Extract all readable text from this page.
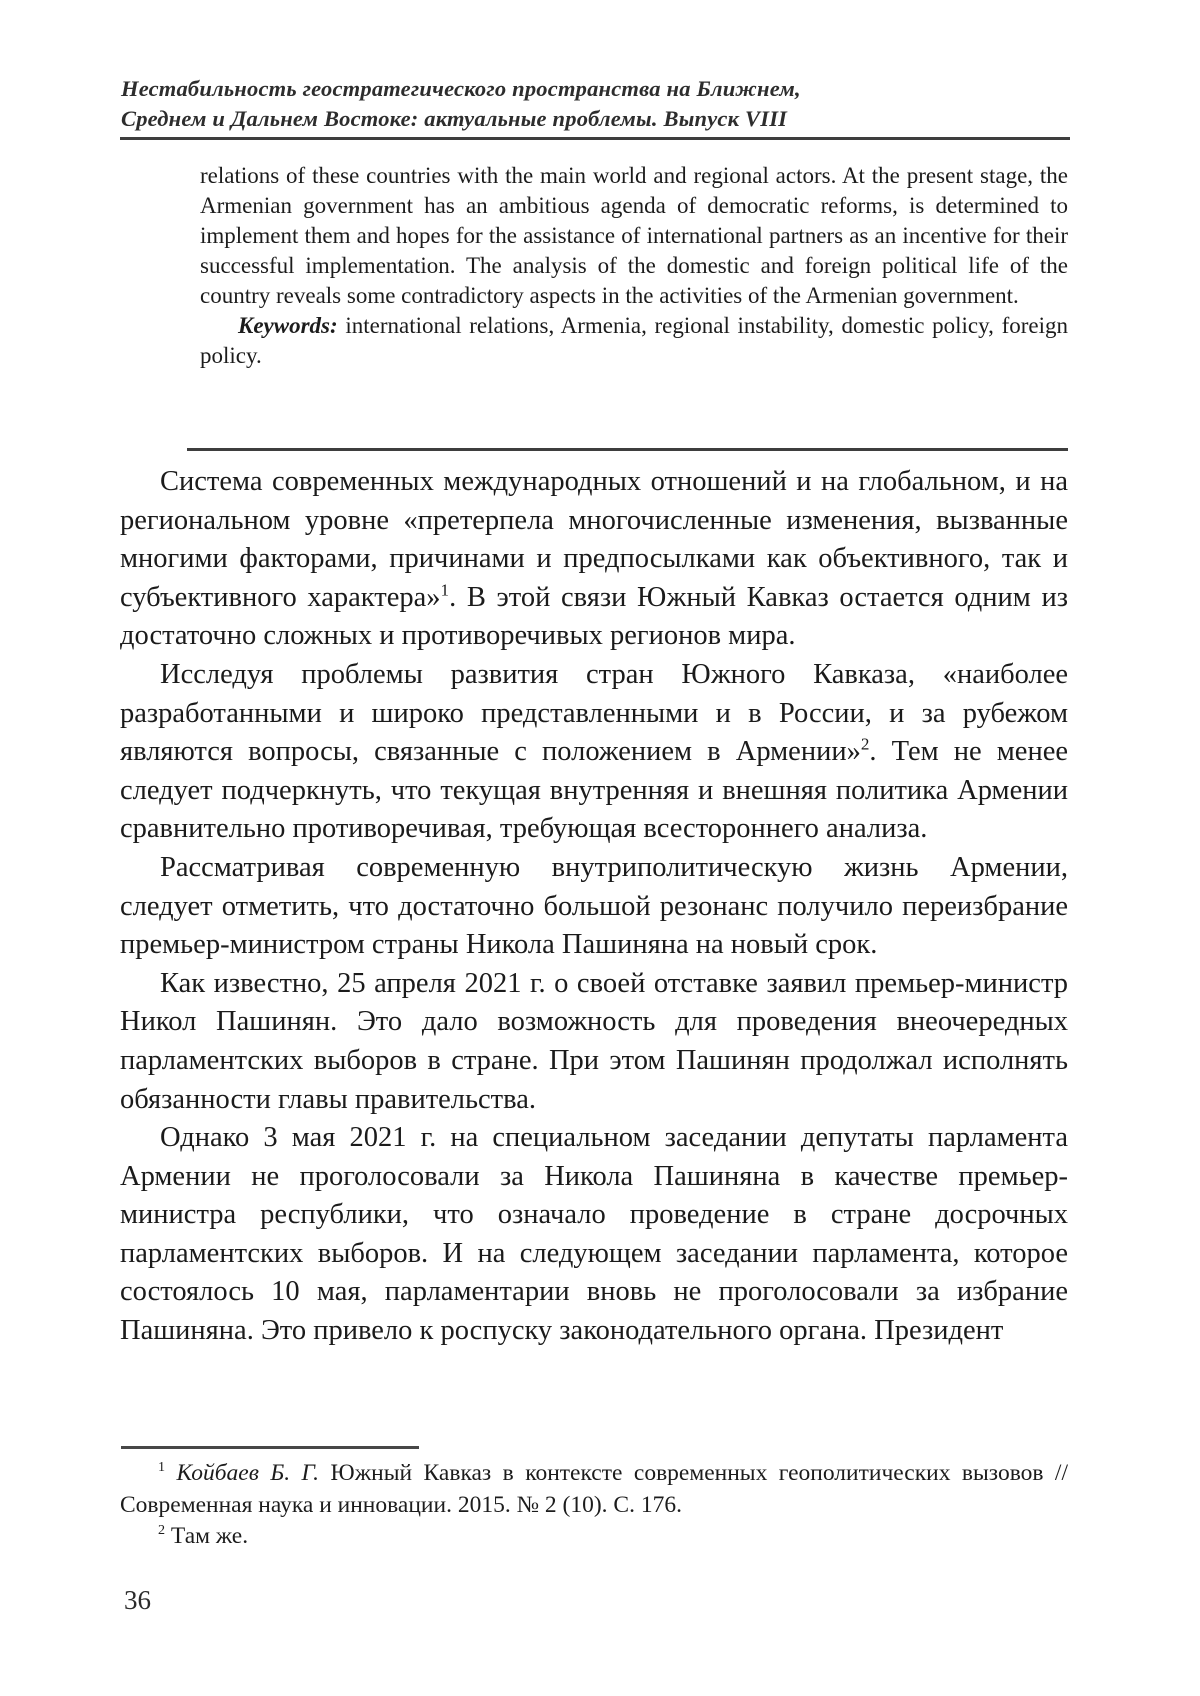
Нестабильность геостратегического пространства на Ближнем,
Среднем и Дальнем Востоке: актуальные проблемы. Выпуск VIII

relations of these countries with the main world and regional actors. At the present stage, the Armenian government has an ambitious agenda of democratic reforms, is determined to implement them and hopes for the assistance of international partners as an incentive for their successful implementation. The analysis of the domestic and foreign political life of the country reveals some contradictory aspects in the activities of the Armenian government.

Keywords: international relations, Armenia, regional instability, domestic policy, foreign policy.

Система современных международных отношений и на глобальном, и на региональном уровне «претерпела многочисленные изменения, вызванные многими факторами, причинами и предпосылками как объективного, так и субъективного характера»$^1$. В этой связи Южный Кавказ остается одним из достаточно сложных и противоречивых регионов мира.

Исследуя проблемы развития стран Южного Кавказа, «наиболее разработанными и широко представленными и в России, и за рубежом являются вопросы, связанные с положением в Армении»$^2$. Тем не менее следует подчеркнуть, что текущая внутренняя и внешняя политика Армении сравнительно противоречивая, требующая всестороннего анализа.

Рассматривая современную внутриполитическую жизнь Армении, следует отметить, что достаточно большой резонанс получило переизбрание премьер-министром страны Никола Пашиняна на новый срок.

Как известно, 25 апреля 2021 г. о своей отставке заявил премьер-министр Никол Пашинян. Это дало возможность для проведения внеочередных парламентских выборов в стране. При этом Пашинян продолжал исполнять обязанности главы правительства.

Однако 3 мая 2021 г. на специальном заседании депутаты парламента Армении не проголосовали за Никола Пашиняна в качестве премьер-министра республики, что означало проведение в стране досрочных парламентских выборов. И на следующем заседании парламента, которое состоялось 10 мая, парламентарии вновь не проголосовали за избрание Пашиняна. Это привело к роспуску законодательного органа. Президент

$^1$ Койбаев Б. Г. Южный Кавказ в контексте современных геополитических вызовов // Современная наука и инновации. 2015. № 2 (10). С. 176.

$^2$ Там же.

36
